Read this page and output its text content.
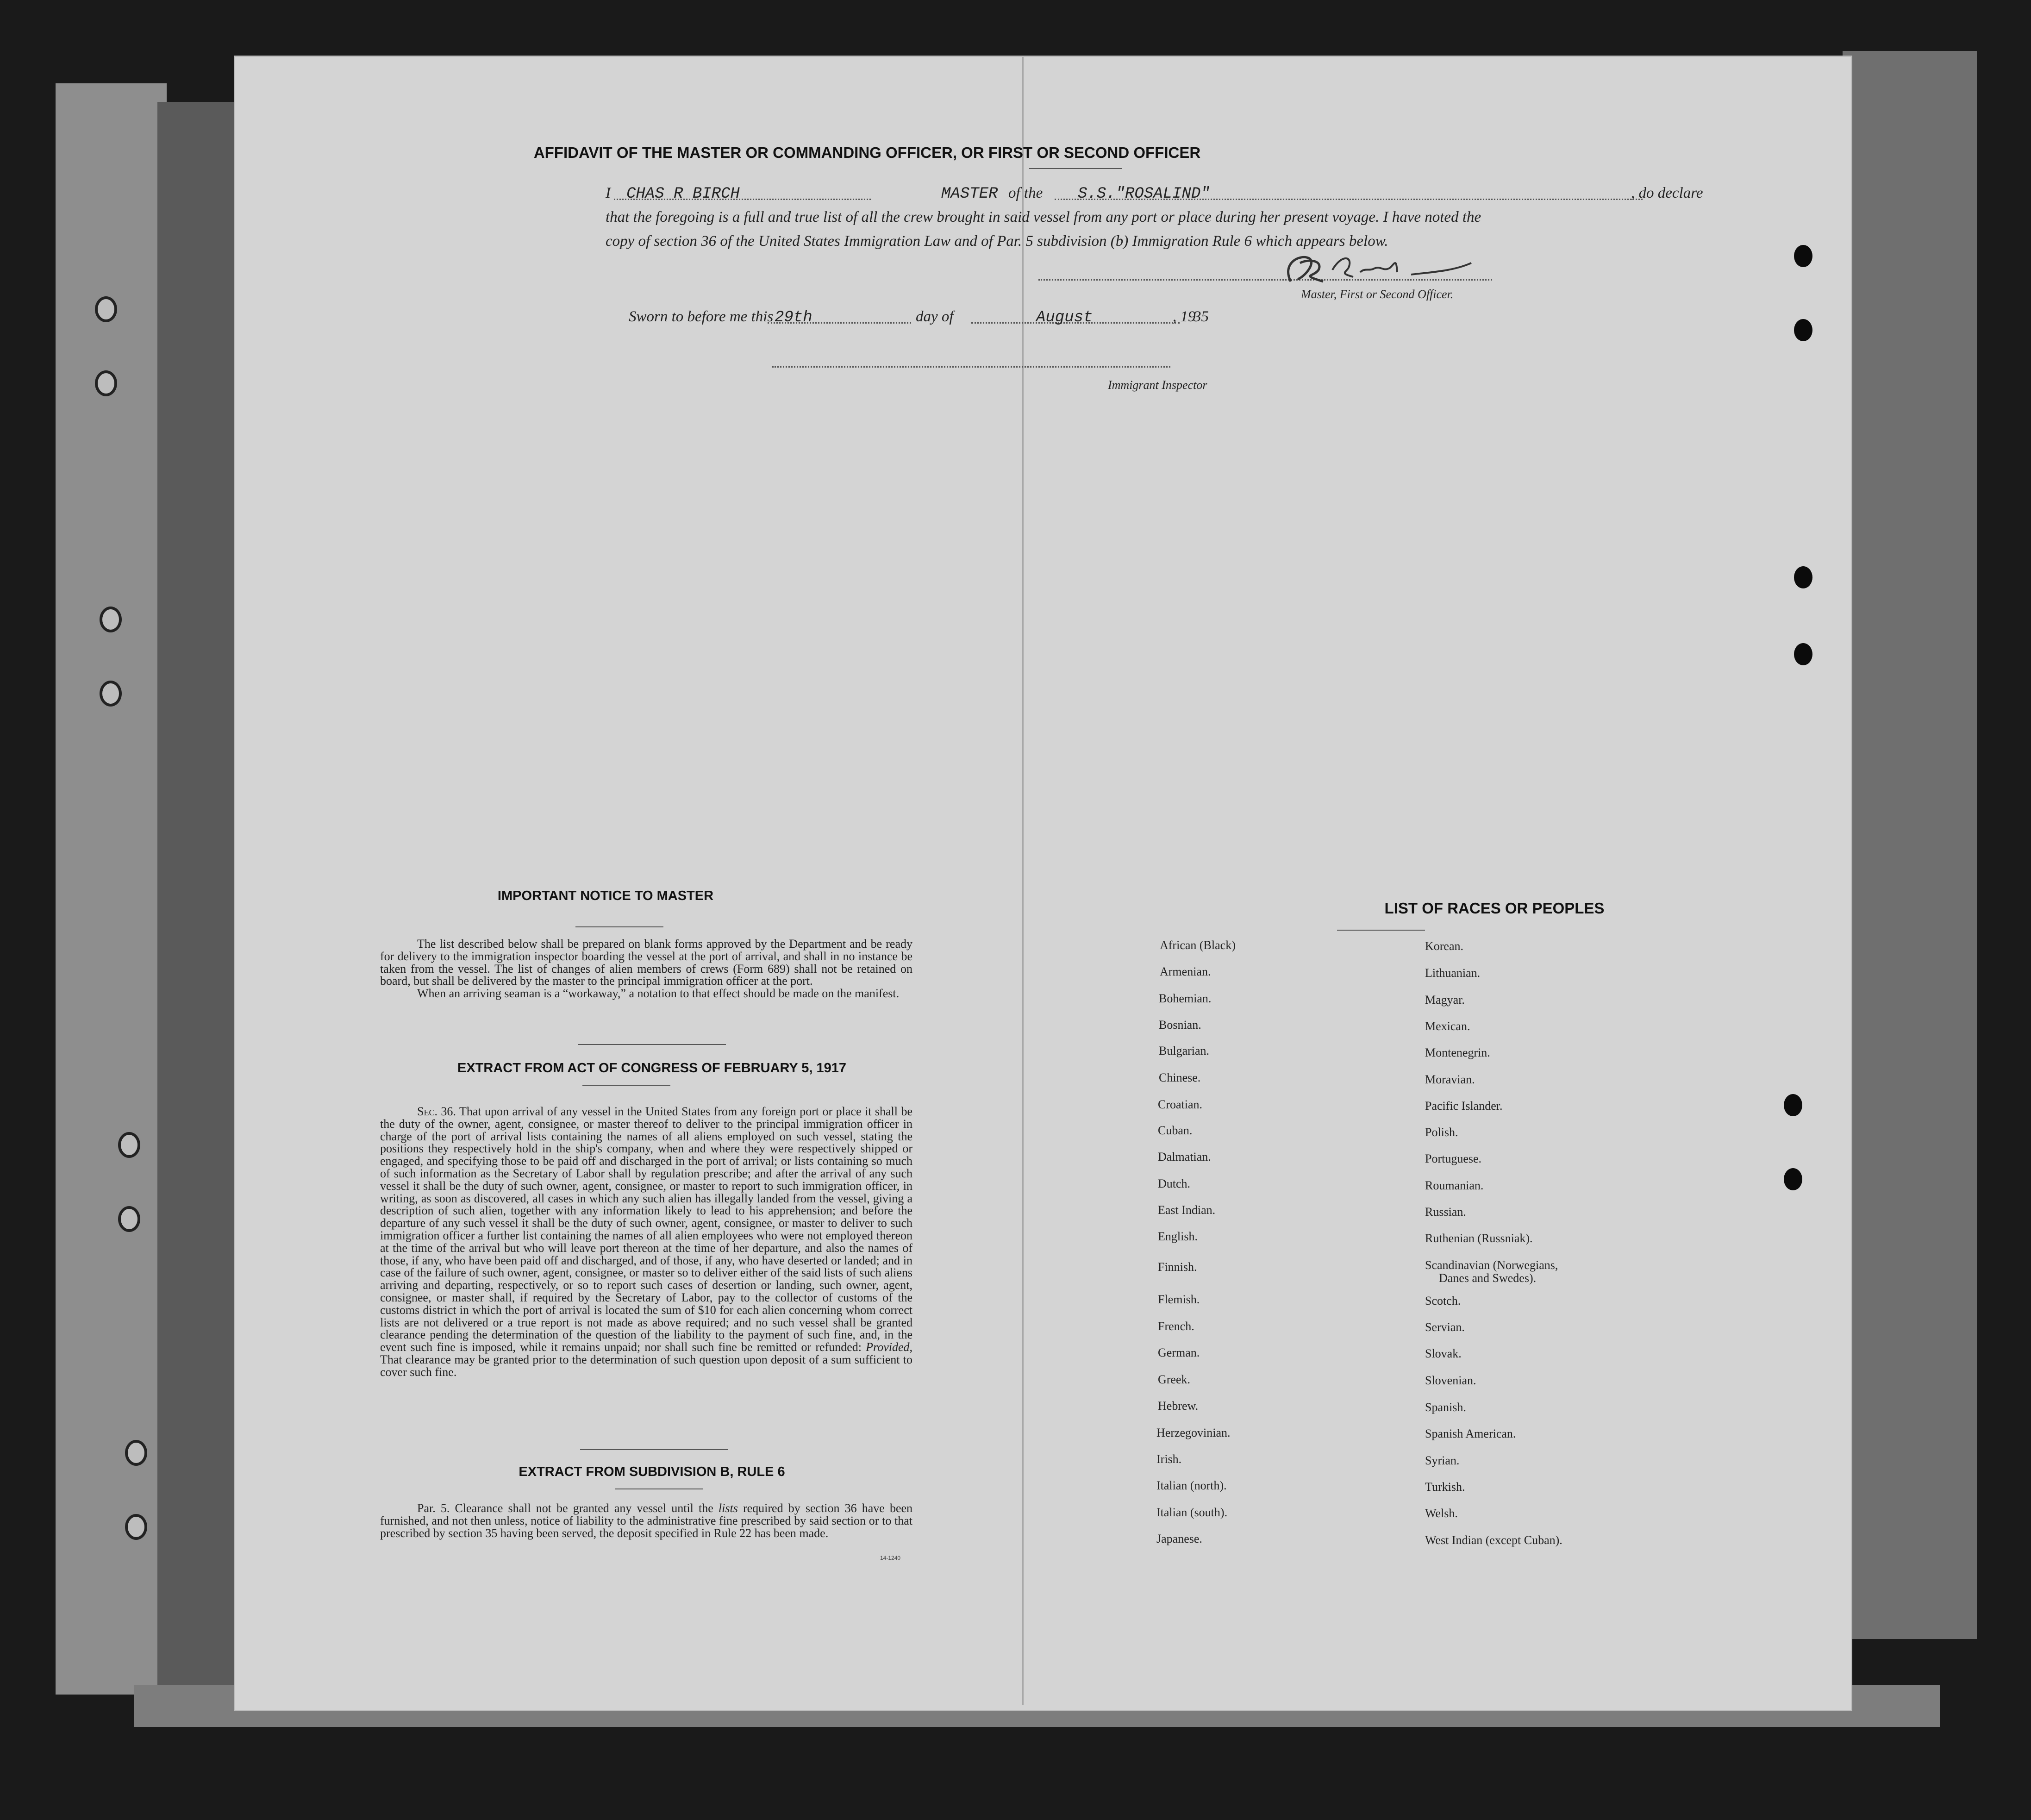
AFFIDAVIT OF THE MASTER OR COMMANDING OFFICER, OR FIRST OR SECOND OFFICER
I CHAS R BIRCH	MASTER of the S.S."ROSALIND"	, do declare
that the foregoing is a full and true list of all the crew brought in said vessel from any port or place during her present voyage. I have noted the
copy of section 36 of the United States Immigration Law and of Par. 5 subdivision (b) Immigration Rule 6 which appears below.
Master, First or Second Officer.
Sworn to before me this 29th	day of	August	, 19
35
Immigrant Inspector
IMPORTANT NOTICE TO MASTER
The list described below shall be prepared on blank forms approved by the Department and be ready for delivery to the immigration inspector boarding the vessel at the port of arrival, and shall in no instance be taken from the vessel. The list of changes of alien members of crews (Form 689) shall not be retained on board, but shall be delivered by the master to the principal immigration officer at the port.
When an arriving seaman is a “workaway,” a notation to that effect should be made on the manifest.
EXTRACT FROM ACT OF CONGRESS OF FEBRUARY 5, 1917
Sec. 36. That upon arrival of any vessel in the United States from any foreign port or place it shall be the duty of the owner, agent, consignee, or master thereof to deliver to the principal immigration officer in charge of the port of arrival lists containing the names of all aliens employed on such vessel, stating the positions they respectively hold in the ship's company, when and where they were respectively shipped or engaged, and specifying those to be paid off and discharged in the port of arrival; or lists containing so much of such information as the Secretary of Labor shall by regulation prescribe; and after the arrival of any such vessel it shall be the duty of such owner, agent, consignee, or master to report to such immigration officer, in writing, as soon as discovered, all cases in which any such alien has illegally landed from the vessel, giving a description of such alien, together with any information likely to lead to his apprehension; and before the departure of any such vessel it shall be the duty of such owner, agent, consignee, or master to deliver to such immigration officer a further list containing the names of all alien employees who were not employed thereon at the time of the arrival but who will leave port thereon at the time of her departure, and also the names of those, if any, who have been paid off and discharged, and of those, if any, who have deserted or landed; and in case of the failure of such owner, agent, consignee, or master so to deliver either of the said lists of such aliens arriving and departing, respectively, or so to report such cases of desertion or landing, such owner, agent, consignee, or master shall, if required by the Secretary of Labor, pay to the collector of customs of the customs district in which the port of arrival is located the sum of $10 for each alien concerning whom correct lists are not delivered or a true report is not made as above required; and no such vessel shall be granted clearance pending the determination of the question of the liability to the payment of such fine, and, in the event such fine is imposed, while it remains unpaid; nor shall such fine be remitted or refunded: Provided, That clearance may be granted prior to the determination of such question upon deposit of a sum sufficient to cover such fine.
EXTRACT FROM SUBDIVISION B, RULE 6
Par. 5. Clearance shall not be granted any vessel until the lists required by section 36 have been furnished, and not then unless, notice of liability to the administrative fine prescribed by said section or to that prescribed by section 35 having been served, the deposit specified in Rule 22 has been made.
14-1240
LIST OF RACES OR PEOPLES
African (Black)
Armenian.
Bohemian.
Bosnian.
Bulgarian.
Chinese.
Croatian.
Cuban.
Dalmatian.
Dutch.
East Indian.
English.
Finnish.
Flemish.
French.
German.
Greek.
Hebrew.
Herzegovinian.
Irish.
Italian (north).
Italian (south).
Japanese.
Korean.
Lithuanian.
Magyar.
Mexican.
Montenegrin.
Moravian.
Pacific Islander.
Polish.
Portuguese.
Roumanian.
Russian.
Ruthenian (Russniak).
Scandinavian (Norwegians,
Danes and Swedes).
Scotch.
Servian.
Slovak.
Slovenian.
Spanish.
Spanish American.
Syrian.
Turkish.
Welsh.
West Indian (except Cuban).
